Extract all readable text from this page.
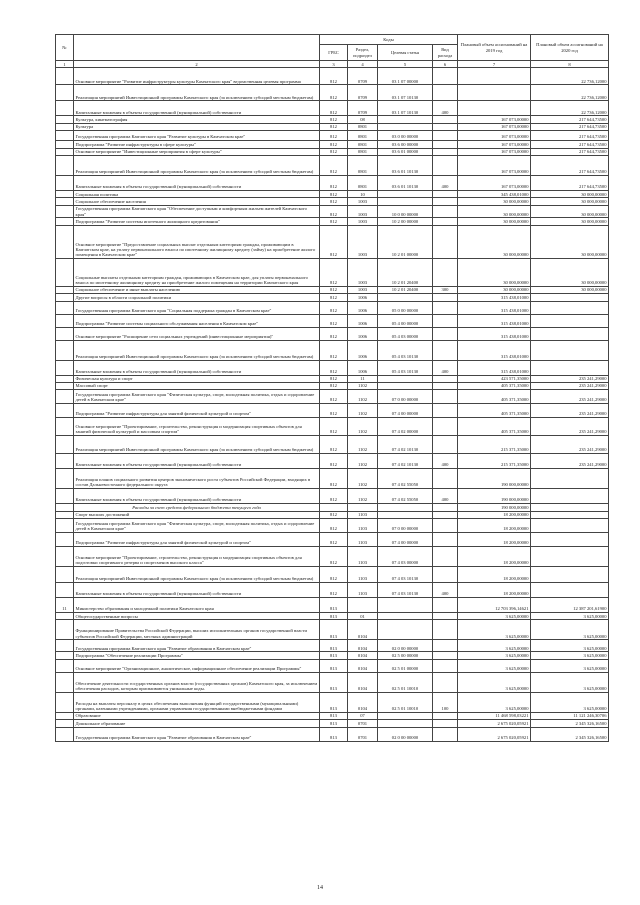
№		Коды				Плановый объем ассигнований на 2019 год	Плановый объем ассигнований на 2020 год
		ГРБС	Раздел, подраздел	Целевая статья	Вид расхода		
1	2	3	4	5	6	7	8
	Основное мероприятие "Развитие инфраструктуры культуры Камчатского края" ведомственная целевая программа	812	0709	03 1 07 00000			22 736,12000
	Реализация мероприятий Инвестиционной программы Камчатского края (за исключением субсидий местным бюджетам)	812	0709	03 1 07 10130			22 736,12000
	Капитальные вложения в объекты государственной (муниципальной) собственности	812	0709	03 1 07 10130	400		22 736,12000
	Культура, кинематография	812	08			167 073,00000	217 644,73500
	Культура	812	0801			167 073,00000	217 644,73500
	Государственная программа Камчатского края "Развитие культуры в Камчатском крае"	812	0801	03 0 00 00000		167 073,00000	217 644,73500
	Подпрограмма "Развитие инфраструктуры в сфере культуры"	812	0801	03 6 00 00000		167 073,00000	217 644,73500
	Основное мероприятие "Инвестиционные мероприятия в сфере культуры"	812	0801	03 6 01 00000		167 073,00000	217 644,73500
	Реализация мероприятий Инвестиционной программы Камчатского края (за исключением субсидий местным бюджетам)	812	0801	03 6 01 10130		167 073,00000	217 644,73500
	Капитальные вложения в объекты государственной (муниципальной) собственности	812	0801	03 6 01 10130	400	167 073,00000	217 644,73500
	Социальная политика	812	10			345 438,01000	30 000,00000
	Социальное обеспечение населения	812	1003			30 000,00000	30 000,00000
	Государственная программа Камчатского края "Обеспечение доступным и комфортным жильем жителей Камчатского края"	812	1003	10 0 00 00000		30 000,00000	30 000,00000
	Подпрограмма "Развитие системы ипотечного жилищного кредитования"	812	1003	10 2 00 00000		30 000,00000	30 000,00000
	Основное мероприятие "Предоставление социальных выплат отдельным категориям граждан, проживающим в Камчатском крае, на уплату первоначального взноса по ипотечному жилищному кредиту (займу) на приобретение жилого помещения в Камчатском крае"	812	1003	10 2 01 00000		30 000,00000	30 000,00000
	Социальные выплаты отдельным категориям граждан, проживающих в Камчатском крае, для уплаты первоначального взноса по ипотечному жилищному кредиту на приобретение жилого помещения на территории Камчатского края	812	1003	10 2 01 20400		30 000,00000	30 000,00000
	Социальное обеспечение и иные выплаты населению	812	1003	10 2 01 20400	300	30 000,00000	30 000,00000
	Другие вопросы в области социальной политики	812	1006			315 438,01000	
	Государственная программа Камчатского края "Социальная поддержка граждан в Камчатском крае"	812	1006	05 0 00 00000		315 438,01000	
	Подпрограмма "Развитие системы социального обслуживания населения в Камчатском крае"	812	1006	05 4 00 00000		315 438,01000	
	Основное мероприятие "Расширение сети социальных учреждений (инвестиционные мероприятия)"	812	1006	05 4 03 00000		315 438,01000	
	Реализация мероприятий Инвестиционной программы Камчатского края (за исключением субсидий местным бюджетам)	812	1006	05 4 03 10130		315 438,01000	
	Капитальные вложения в объекты государственной (муниципальной) собственности	812	1006	05 4 03 10130	400	315 438,01000	
	Физическая культура и спорт	812	11			423 571,35000	235 241,29000
	Массовый спорт	812	1102			405 371,35000	235 241,29000
	Государственная программа Камчатского края "Физическая культура, спорт, молодежная политика, отдых и оздоровление детей в Камчатском крае"	812	1102	07 0 00 00000		405 371,35000	235 241,29000
	Подпрограмма "Развитие инфраструктуры для занятий физической культурой и спортом"	812	1102	07 4 00 00000		405 371,35000	235 241,29000
	Основное мероприятие "Проектирование, строительство, реконструкция и модернизация спортивных объектов для занятий физической культурой и массовым спортом"	812	1102	07 4 02 00000		405 371,35000	235 241,29000
	Реализация мероприятий Инвестиционной программы Камчатского края (за исключением субсидий местным бюджетам)	812	1102	07 4 02 10130		215 371,35000	235 241,29000
	Капитальные вложения в объекты государственной (муниципальной) собственности	812	1102	07 4 02 10130	400	215 371,35000	235 241,29000
	Реализация планов социального развития центров экономического роста субъектов Российской Федерации, входящих в состав Дальневосточного федерального округа	812	1102	07 4 02 55050		190 000,00000	
	Капитальные вложения в объекты государственной (муниципальной) собственности	812	1102	07 4 02 55050	400	190 000,00000	
	Расходы за счет средств федерального бюджета текущего года					190 000,00000	
	Спорт высших достижений	812	1103			18 200,00000	
	Государственная программа Камчатского края "Физическая культура, спорт, молодежная политика, отдых и оздоровление детей в Камчатском крае"	812	1103	07 0 00 00000		18 200,00000	
	Подпрограмма "Развитие инфраструктуры для занятий физической культурой и спортом"	812	1103	07 4 00 00000		18 200,00000	
	Основное мероприятие "Проектирование, строительство, реконструкция и модернизация спортивных объектов для подготовки спортивного резерва и спортсменов высокого класса"	812	1103	07 4 03 00000		18 200,00000	
	Реализация мероприятий Инвестиционной программы Камчатского края (за исключением субсидий местным бюджетам)	812	1103	07 4 03 10130		18 200,00000	
	Капитальные вложения в объекты государственной (муниципальной) собственности	812	1103	07 4 03 10130	400	18 200,00000	
11	Министерство образования и молодежной политики Камчатского края	813				12 703 396,14621	12 387 201,61900
	Общегосударственные вопросы	813	01			3 625,00000	3 625,00000
	Функционирование Правительства Российской Федерации, высших исполнительных органов государственной власти субъектов Российской Федерации, местных администраций	813	0104			3 625,00000	3 625,00000
	Государственная программа Камчатского края "Развитие образования в Камчатском крае"	813	0104	02 0 00 00000		3 625,00000	3 625,00000
	Подпрограмма "Обеспечение реализации Программы"	813	0104	02 5 00 00000		3 625,00000	3 625,00000
	Основное мероприятие "Организационное, аналитическое, информационное обеспечение реализации Программы"	813	0104	02 5 01 00000		3 625,00000	3 625,00000
	Обеспечение деятельности государственных органов власти (государственных органов) Камчатского края, за исключением обеспечения расходов, которым присваиваются уникальные коды.	813	0104	02 5 01 10010		3 625,00000	3 625,00000
	Расходы на выплаты персоналу в целях обеспечения выполнения функций государственными (муниципальными) органами, казенными учреждениями, органами управления государственными внебюджетными фондами	813	0104	02 5 01 10010	100	3 625,00000	3 625,00000
	Образование	813	07			11 468 598,03221	11 121 246,30706
	Дошкольное образование	813	0701			2 675 020,05921	2 345 326,16500
	Государственная программа Камчатского края "Развитие образования в Камчатском крае"	813	0701	02 0 00 00000		2 675 020,05921	2 345 326,16500
14
